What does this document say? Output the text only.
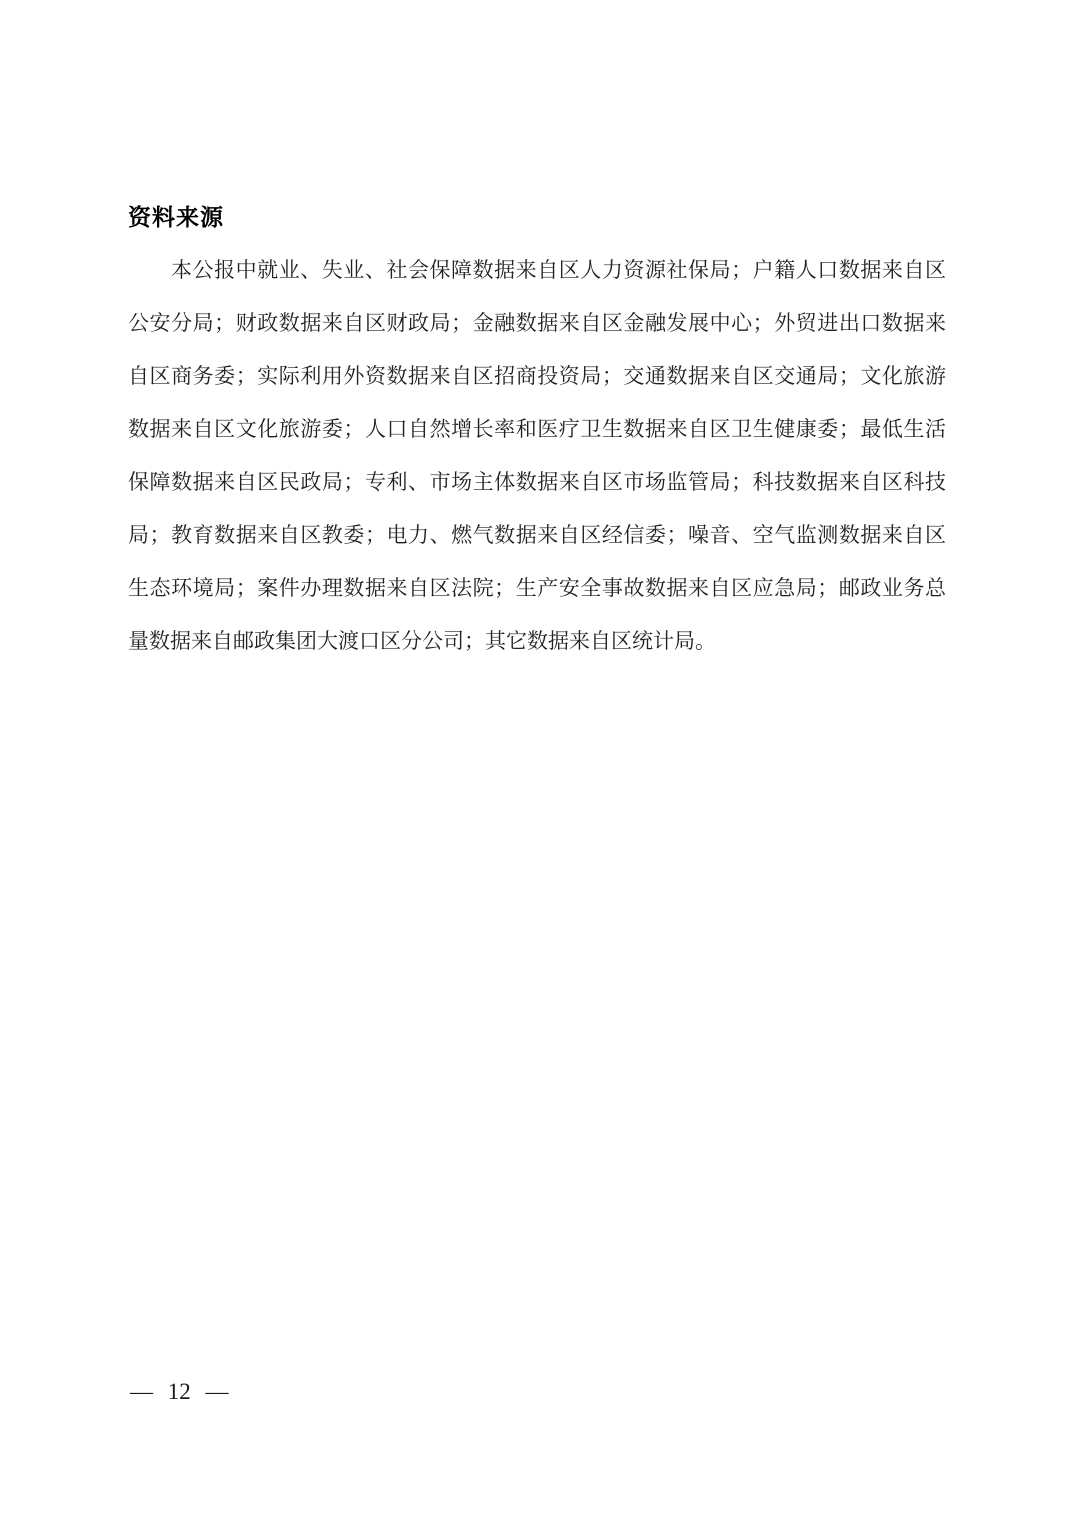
资料来源
本公报中就业、失业、社会保障数据来自区人力资源社保局；户籍人口数据来自区
公安分局；财政数据来自区财政局；金融数据来自区金融发展中心；外贸进出口数据来
自区商务委；实际利用外资数据来自区招商投资局；交通数据来自区交通局；文化旅游
数据来自区文化旅游委；人口自然增长率和医疗卫生数据来自区卫生健康委；最低生活
保障数据来自区民政局；专利、市场主体数据来自区市场监管局；科技数据来自区科技
局；教育数据来自区教委；电力、燃气数据来自区经信委；噪音、空气监测数据来自区
生态环境局；案件办理数据来自区法院；生产安全事故数据来自区应急局；邮政业务总
量数据来自邮政集团大渡口区分公司；其它数据来自区统计局。
— 12 —
